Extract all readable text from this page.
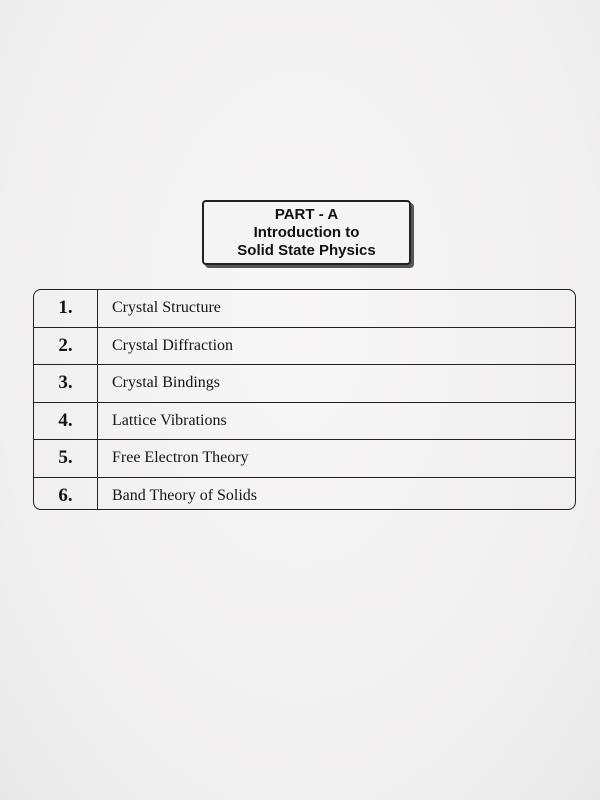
PART - A
Introduction to
Solid State Physics
1.	Crystal Structure
2.	Crystal Diffraction
3.	Crystal Bindings
4.	Lattice Vibrations
5.	Free Electron Theory
6.	Band Theory of Solids
